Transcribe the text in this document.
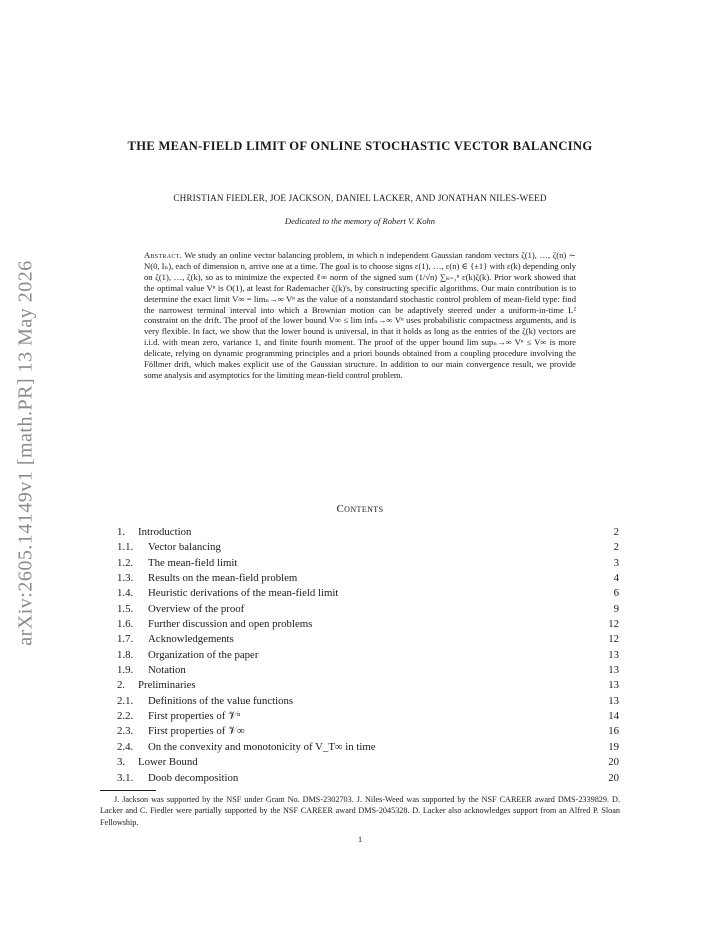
arXiv:2605.14149v1 [math.PR] 13 May 2026
THE MEAN-FIELD LIMIT OF ONLINE STOCHASTIC VECTOR BALANCING
CHRISTIAN FIEDLER, JOE JACKSON, DANIEL LACKER, AND JONATHAN NILES-WEED
Dedicated to the memory of Robert V. Kohn
Abstract. We study an online vector balancing problem, in which n independent Gaussian random vectors ζ(1), …, ζ(n) ∼ N(0, Iₙ), each of dimension n, arrive one at a time. The goal is to choose signs ε(1), …, ε(n) ∈ {±1} with ε(k) depending only on ζ(1), …, ζ(k), so as to minimize the expected ℓ∞ norm of the signed sum (1/√n) ∑ₖ₌₁ⁿ ε(k)ζ(k). Prior work showed that the optimal value Vⁿ is O(1), at least for Rademacher ζ(k)'s, by constructing specific algorithms. Our main contribution is to determine the exact limit V∞ = limₙ→∞ Vⁿ as the value of a nonstandard stochastic control problem of mean-field type: find the narrowest terminal interval into which a Brownian motion can be adaptively steered under a uniform-in-time L² constraint on the drift. The proof of the lower bound V∞ ≤ lim infₙ→∞ Vⁿ uses probabilistic compactness arguments, and is very flexible. In fact, we show that the lower bound is universal, in that it holds as long as the entries of the ζ(k) vectors are i.i.d. with mean zero, variance 1, and finite fourth moment. The proof of the upper bound lim supₙ→∞ Vⁿ ≤ V∞ is more delicate, relying on dynamic programming principles and a priori bounds obtained from a coupling procedure involving the Föllmer drift, which makes explicit use of the Gaussian structure. In addition to our main convergence result, we provide some analysis and asymptotics for the limiting mean-field control problem.
Contents
1. Introduction	2
1.1. Vector balancing	2
1.2. The mean-field limit	3
1.3. Results on the mean-field problem	4
1.4. Heuristic derivations of the mean-field limit	6
1.5. Overview of the proof	9
1.6. Further discussion and open problems	12
1.7. Acknowledgements	12
1.8. Organization of the paper	13
1.9. Notation	13
2. Preliminaries	13
2.1. Definitions of the value functions	13
2.2. First properties of 𝒱ⁿ	14
2.3. First properties of 𝒱∞	16
2.4. On the convexity and monotonicity of V_T∞ in time	19
3. Lower Bound	20
3.1. Doob decomposition	20
J. Jackson was supported by the NSF under Grant No. DMS-2302703. J. Niles-Weed was supported by the NSF CAREER award DMS-2339829. D. Lacker and C. Fiedler were partially supported by the NSF CAREER award DMS-2045328. D. Lacker also acknowledges support from an Alfred P. Sloan Fellowship.
1
